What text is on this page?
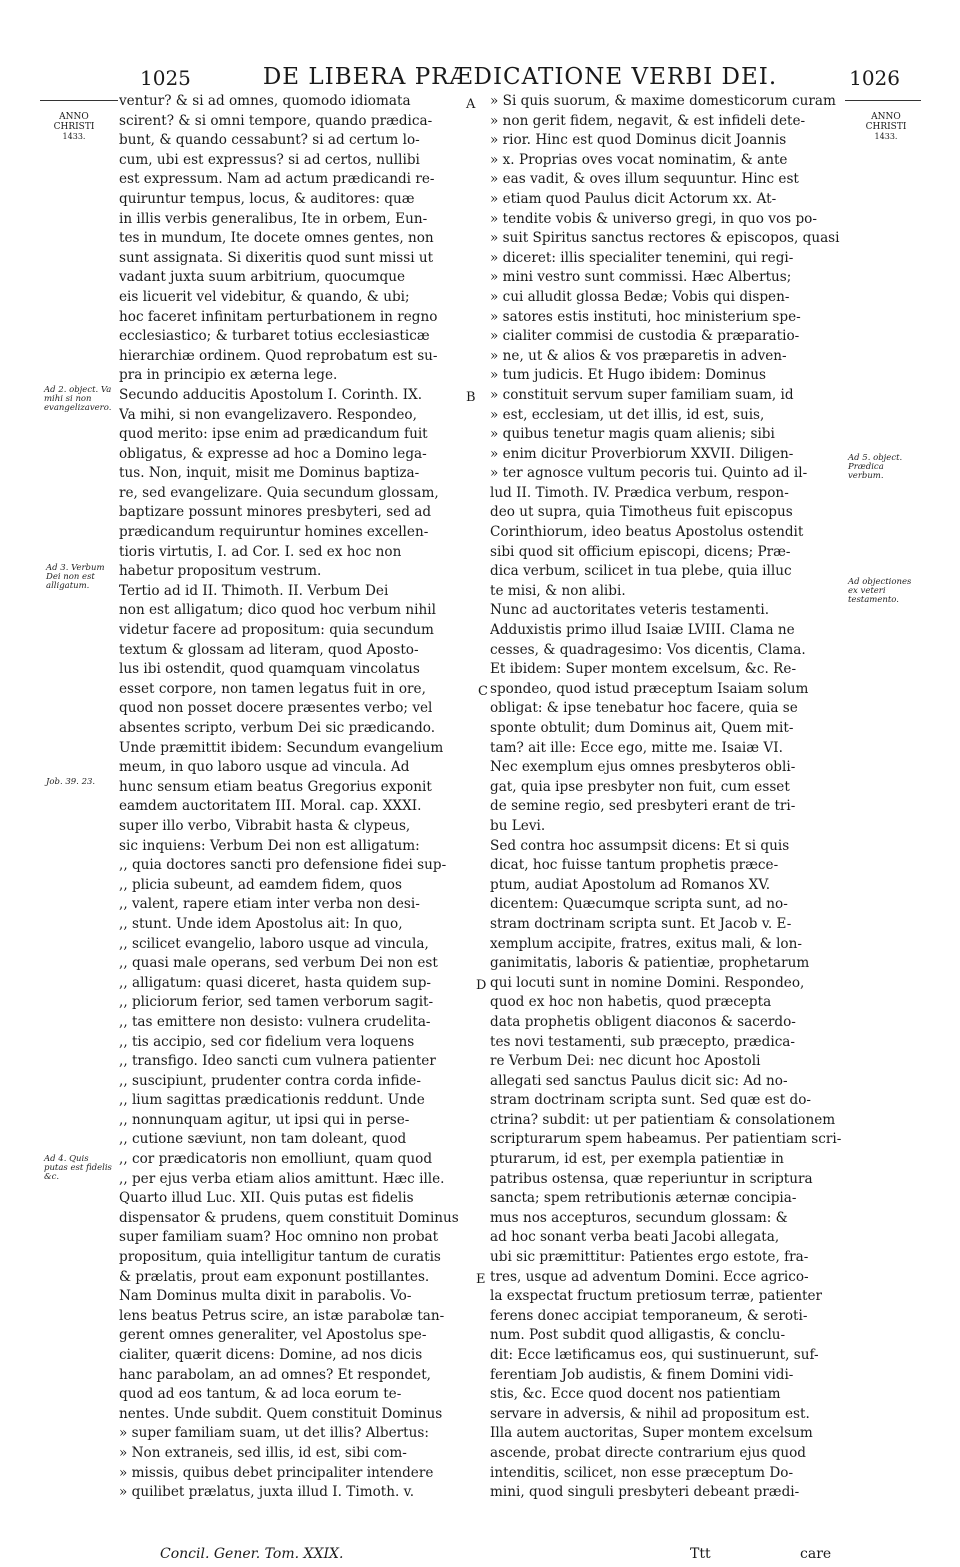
1025	DE LIBERA PRÆDICATIONE VERBI DEI.	1026
ANNO
CHRISTI
1433.
ANNO
CHRISTI
1433.

ventur? & si ad omnes, quomodo idiomata

scirent? & si omni tempore, quando prædica-

bunt, & quando cessabunt? si ad certum lo-

cum, ubi est expressus? si ad certos, nullibi

est expressum. Nam ad actum prædicandi re-

quiruntur tempus, locus, & auditores: quæ

in illis verbis generalibus, Ite in orbem, Eun-

tes in mundum, Ite docete omnes gentes, non

sunt assignata. Si dixeritis quod sunt missi ut

vadant juxta suum arbitrium, quocumque

eis licuerit vel videbitur, & quando, & ubi;

hoc faceret infinitam perturbationem in regno

ecclesiastico; & turbaret totius ecclesiasticæ

hierarchiæ ordinem. Quod reprobatum est su-

pra in principio ex æterna lege.

Secundo adducitis Apostolum I. Corinth. IX.

Va mihi, si non evangelizavero. Respondeo,

quod merito: ipse enim ad prædicandum fuit

obligatus, & expresse ad hoc a Domino lega-

tus. Non, inquit, misit me Dominus baptiza-

re, sed evangelizare. Quia secundum glossam,

baptizare possunt minores presbyteri, sed ad

prædicandum requiruntur homines excellen-

tioris virtutis, I. ad Cor. I. sed ex hoc non

habetur propositum vestrum.

Tertio ad id II. Thimoth. II. Verbum Dei

non est alligatum; dico quod hoc verbum nihil

videtur facere ad propositum: quia secundum

textum & glossam ad literam, quod Aposto-

lus ibi ostendit, quod quamquam vincolatus

esset corpore, non tamen legatus fuit in ore,

quod non posset docere præsentes verbo; vel

absentes scripto, verbum Dei sic prædicando.

Unde præmittit ibidem: Secundum evangelium

meum, in quo laboro usque ad vincula. Ad

hunc sensum etiam beatus Gregorius exponit

eamdem auctoritatem III. Moral. cap. XXXI.

super illo verbo, Vibrabit hasta & clypeus,

sic inquiens: Verbum Dei non est alligatum:

,, quia doctores sancti pro defensione fidei sup-

,, plicia subeunt, ad eamdem fidem, quos

,, valent, rapere etiam inter verba non desi-

,, stunt. Unde idem Apostolus ait: In quo,

,, scilicet evangelio, laboro usque ad vincula,

,, quasi male operans, sed verbum Dei non est

,, alligatum: quasi diceret, hasta quidem sup-

,, pliciorum ferior, sed tamen verborum sagit-

,, tas emittere non desisto: vulnera crudelita-

,, tis accipio, sed cor fidelium vera loquens

,, transfigo. Ideo sancti cum vulnera patienter

,, suscipiunt, prudenter contra corda infide-

,, lium sagittas prædicationis reddunt. Unde

,, nonnunquam agitur, ut ipsi qui in perse-

,, cutione sæviunt, non tam doleant, quod

,, cor prædicatoris non emolliunt, quam quod

,, per ejus verba etiam alios amittunt. Hæc ille.

Quarto illud Luc. XII. Quis putas est fidelis

dispensator & prudens, quem constituit Dominus

super familiam suam? Hoc omnino non probat

propositum, quia intelligitur tantum de curatis

& prælatis, prout eam exponunt postillantes.

Nam Dominus multa dixit in parabolis. Vo-

lens beatus Petrus scire, an istæ parabolæ tan-

gerent omnes generaliter, vel Apostolus spe-

cialiter, quærit dicens: Domine, ad nos dicis

hanc parabolam, an ad omnes? Et respondet,

quod ad eos tantum, & ad loca eorum te-

nentes. Unde subdit. Quem constituit Dominus

» super familiam suam, ut det illis? Albertus:

» Non extraneis, sed illis, id est, sibi com-

» missis, quibus debet principaliter intendere

» quilibet prælatus, juxta illud I. Timoth. v.

» Si quis suorum, & maxime domesticorum curam

» non gerit fidem, negavit, & est infideli dete-

» rior. Hinc est quod Dominus dicit Joannis

» x. Proprias oves vocat nominatim, & ante

» eas vadit, & oves illum sequuntur. Hinc est

» etiam quod Paulus dicit Actorum xx. At-

» tendite vobis & universo gregi, in quo vos po-

» suit Spiritus sanctus rectores & episcopos, quasi

» diceret: illis specialiter tenemini, qui regi-

» mini vestro sunt commissi. Hæc Albertus;

» cui alludit glossa Bedæ; Vobis qui dispen-

» satores estis instituti, hoc ministerium spe-

» cialiter commisi de custodia & præparatio-

» ne, ut & alios & vos præparetis in adven-

» tum judicis. Et Hugo ibidem: Dominus

» constituit servum super familiam suam, id

» est, ecclesiam, ut det illis, id est, suis,

» quibus tenetur magis quam alienis; sibi

» enim dicitur Proverbiorum XXVII. Diligen-

» ter agnosce vultum pecoris tui. Quinto ad il-

lud II. Timoth. IV. Prædica verbum, respon-

deo ut supra, quia Timotheus fuit episcopus

Corinthiorum, ideo beatus Apostolus ostendit

sibi quod sit officium episcopi, dicens; Præ-

dica verbum, scilicet in tua plebe, quia illuc

te misi, & non alibi.

Nunc ad auctoritates veteris testamenti.

Adduxistis primo illud Isaiæ LVIII. Clama ne

cesses, & quadragesimo: Vos dicentis, Clama.

Et ibidem: Super montem excelsum, &c. Re-

spondeo, quod istud præceptum Isaiam solum

obligat: & ipse tenebatur hoc facere, quia se

sponte obtulit; dum Dominus ait, Quem mit-

tam? ait ille: Ecce ego, mitte me. Isaiæ VI.

Nec exemplum ejus omnes presbyteros obli-

gat, quia ipse presbyter non fuit, cum esset

de semine regio, sed presbyteri erant de tri-

bu Levi.

Sed contra hoc assumpsit dicens: Et si quis

dicat, hoc fuisse tantum prophetis præce-

ptum, audiat Apostolum ad Romanos XV.

dicentem: Quæcumque scripta sunt, ad no-

stram doctrinam scripta sunt. Et Jacob v. E-

xemplum accipite, fratres, exitus mali, & lon-

ganimitatis, laboris & patientiæ, prophetarum

qui locuti sunt in nomine Domini. Respondeo,

quod ex hoc non habetis, quod præcepta

data prophetis obligent diaconos & sacerdo-

tes novi testamenti, sub præcepto, prædica-

re Verbum Dei: nec dicunt hoc Apostoli

allegati sed sanctus Paulus dicit sic: Ad no-

stram doctrinam scripta sunt. Sed quæ est do-

ctrina? subdit: ut per patientiam & consolationem

scripturarum spem habeamus. Per patientiam scri-

pturarum, id est, per exempla patientiæ in

patribus ostensa, quæ reperiuntur in scriptura

sancta; spem retributionis æternæ concipia-

mus nos accepturos, secundum glossam: &

ad hoc sonant verba beati Jacobi allegata,

ubi sic præmittitur: Patientes ergo estote, fra-

tres, usque ad adventum Domini. Ecce agrico-

la exspectat fructum pretiosum terræ, patienter

ferens donec accipiat temporaneum, & seroti-

num. Post subdit quod alligastis, & conclu-

dit: Ecce lætificamus eos, qui sustinuerunt, suf-

ferentiam Job audistis, & finem Domini vidi-

stis, &c. Ecce quod docent nos patientiam

servare in adversis, & nihil ad propositum est.

Illa autem auctoritas, Super montem excelsum

ascende, probat directe contrarium ejus quod

intenditis, scilicet, non esse præceptum Do-

mini, quod singuli presbyteri debeant prædi-

Ad 2. object. Va mihi si non evangelizavero.
Ad 3. Verbum Dei non est alligatum.
Job. 39. 23.
Ad 4. Quis putas est fidelis &c.
Ad 5. object. Prædica verbum.
Ad objectiones ex veteri testamento.
A
B
C
D
E
Concil. Gener. Tom. XXIX.	Ttt	care
